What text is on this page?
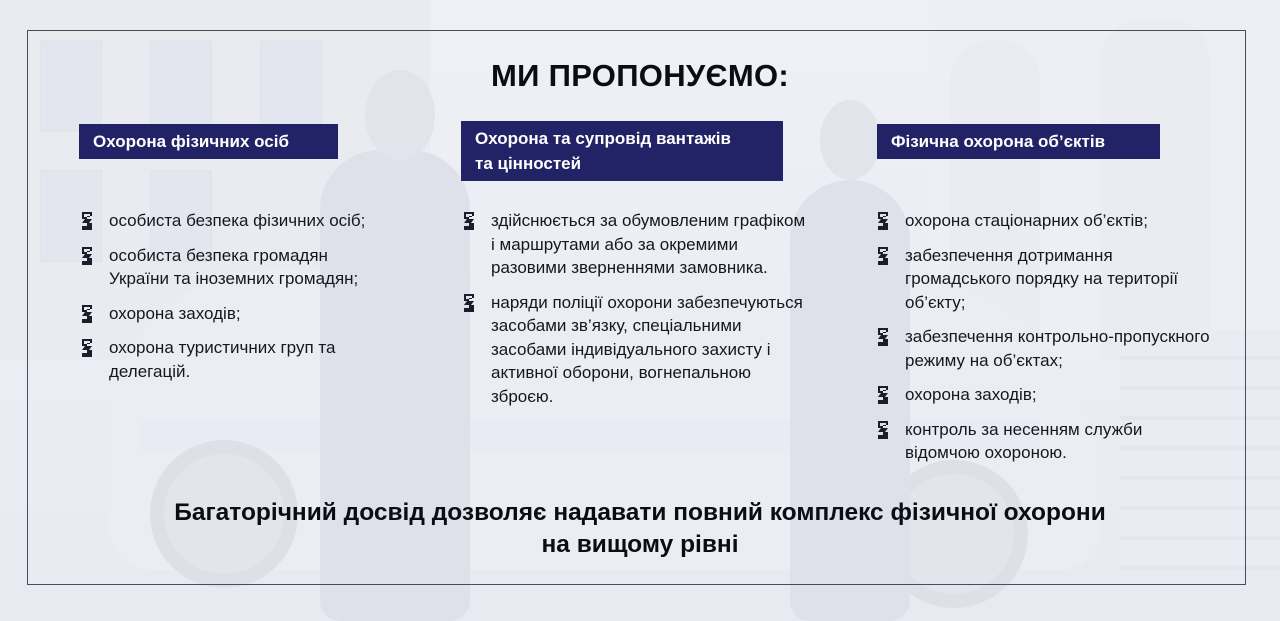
МИ ПРОПОНУЄМО:
Охорона фізичних осіб
особиста безпека фізичних осіб;
особиста безпека громадян України та іноземних громадян;
охорона заходів;
охорона туристичних груп та делегацій.
Охорона та супровід вантажів
та цінностей
здійснюється за обумовленим графіком і маршрутами або за окремими разовими зверненнями замовника.
наряди поліції охорони забезпечуються засобами зв’язку, спеціальними засобами індивідуального захисту і активної оборони, вогнепальною зброєю.
Фізична охорона об’єктів
охорона стаціонарних об’єктів;
забезпечення дотримання громадського порядку на території об’єкту;
забезпечення контрольно-пропускного режиму на об’єктах;
охорона заходів;
контроль за несенням служби відомчою охороною.
Багаторічний досвід дозволяє надавати повний комплекс фізичної охорони
на вищому рівні
